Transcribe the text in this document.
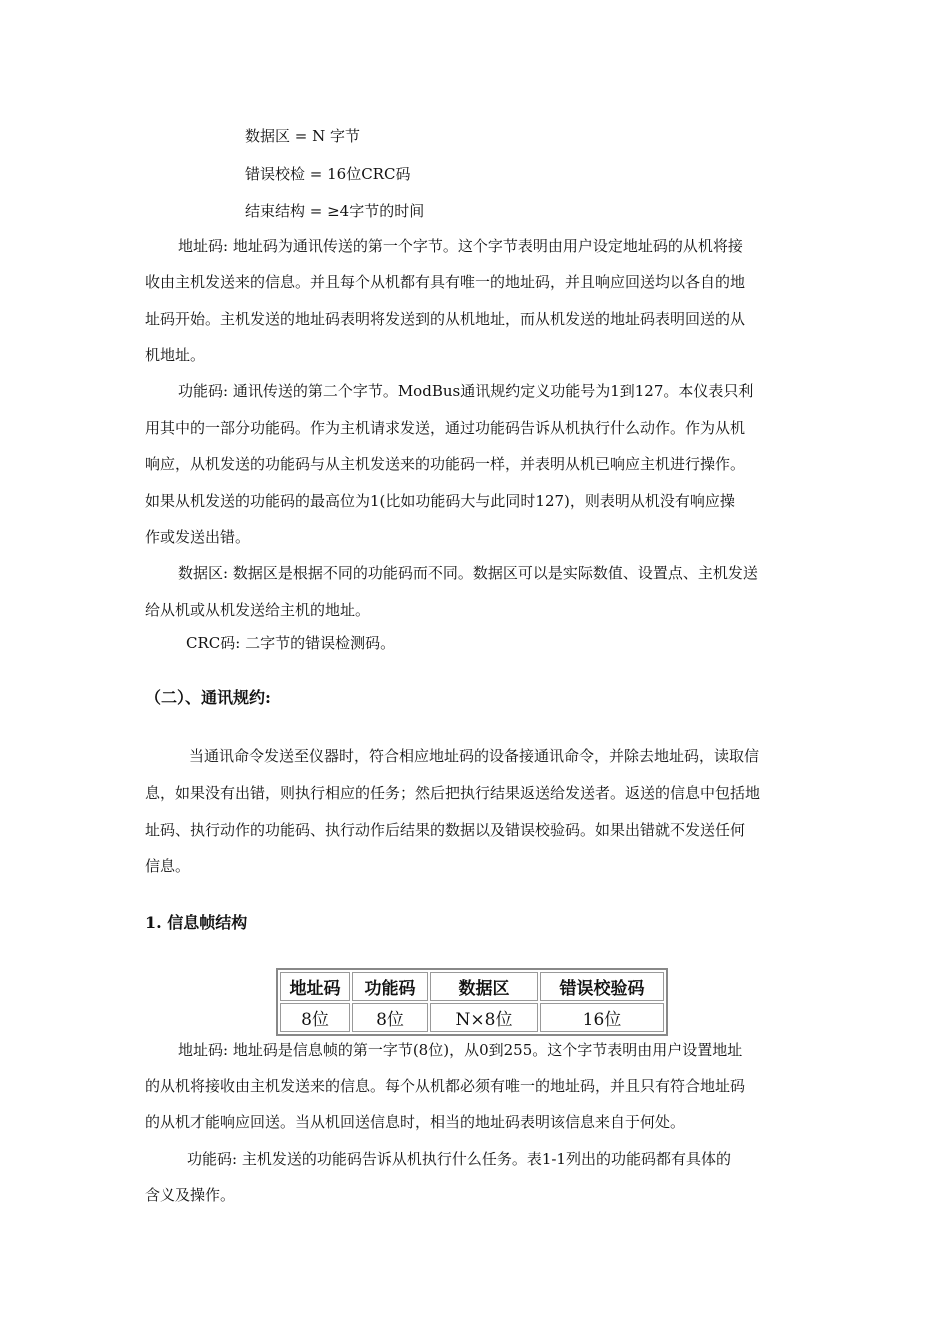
数据区 = N 字节
错误校检 = 16位CRC码
结束结构 = ≥4字节的时间
地址码: 地址码为通讯传送的第一个字节。这个字节表明由用户设定地址码的从机将接
收由主机发送来的信息。并且每个从机都有具有唯一的地址码，并且响应回送均以各自的地
址码开始。主机发送的地址码表明将发送到的从机地址，而从机发送的地址码表明回送的从
机地址。
功能码: 通讯传送的第二个字节。ModBus通讯规约定义功能号为1到127。本仪表只利
用其中的一部分功能码。作为主机请求发送，通过功能码告诉从机执行什么动作。作为从机
响应，从机发送的功能码与从主机发送来的功能码一样，并表明从机已响应主机进行操作。
如果从机发送的功能码的最高位为1(比如功能码大与此同时127)，则表明从机没有响应操
作或发送出错。
数据区: 数据区是根据不同的功能码而不同。数据区可以是实际数值、设置点、主机发送
给从机或从机发送给主机的地址。
CRC码: 二字节的错误检测码。
（二）、通讯规约:
当通讯命令发送至仪器时，符合相应地址码的设备接通讯命令，并除去地址码，读取信
息，如果没有出错，则执行相应的任务；然后把执行结果返送给发送者。返送的信息中包括地
址码、执行动作的功能码、执行动作后结果的数据以及错误校验码。如果出错就不发送任何
信息。
1. 信息帧结构
地址码	功能码	数据区	错误校验码
8位	8位	N×8位	16位
地址码: 地址码是信息帧的第一字节(8位)，从0到255。这个字节表明由用户设置地址
的从机将接收由主机发送来的信息。每个从机都必须有唯一的地址码，并且只有符合地址码
的从机才能响应回送。当从机回送信息时，相当的地址码表明该信息来自于何处。
功能码: 主机发送的功能码告诉从机执行什么任务。表1-1列出的功能码都有具体的
含义及操作。
